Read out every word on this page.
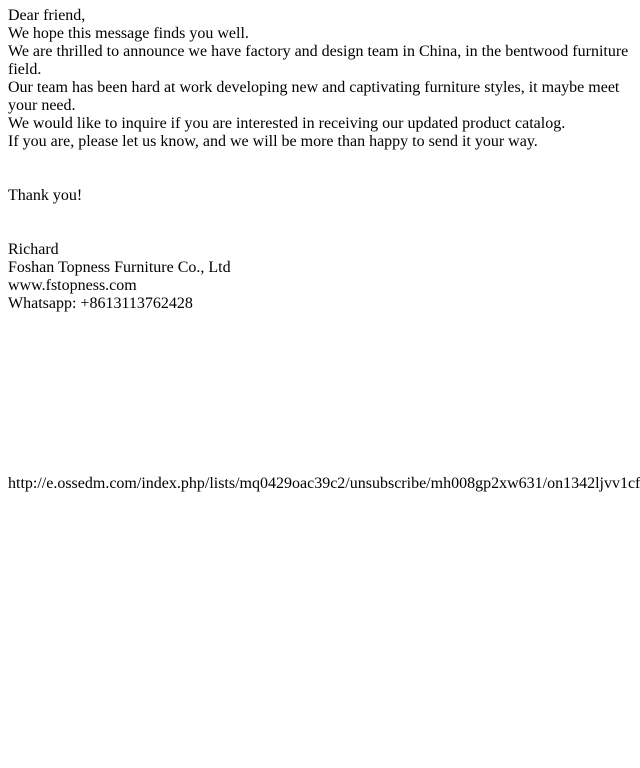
Dear friend,
We hope this message finds you well.
We are thrilled to announce we have factory and design team in China, in the bentwood furniture field.
Our team has been hard at work developing new and captivating furniture styles, it maybe meet your need.
We would like to inquire if you are interested in receiving our updated product catalog.
If you are, please let us know, and we will be more than happy to send it your way.
Thank you!
Richard
Foshan Topness Furniture Co., Ltd
www.fstopness.com
Whatsapp: +8613113762428
http://e.ossedm.com/index.php/lists/mq0429oac39c2/unsubscribe/mh008gp2xw631/on1342ljvv1cf
